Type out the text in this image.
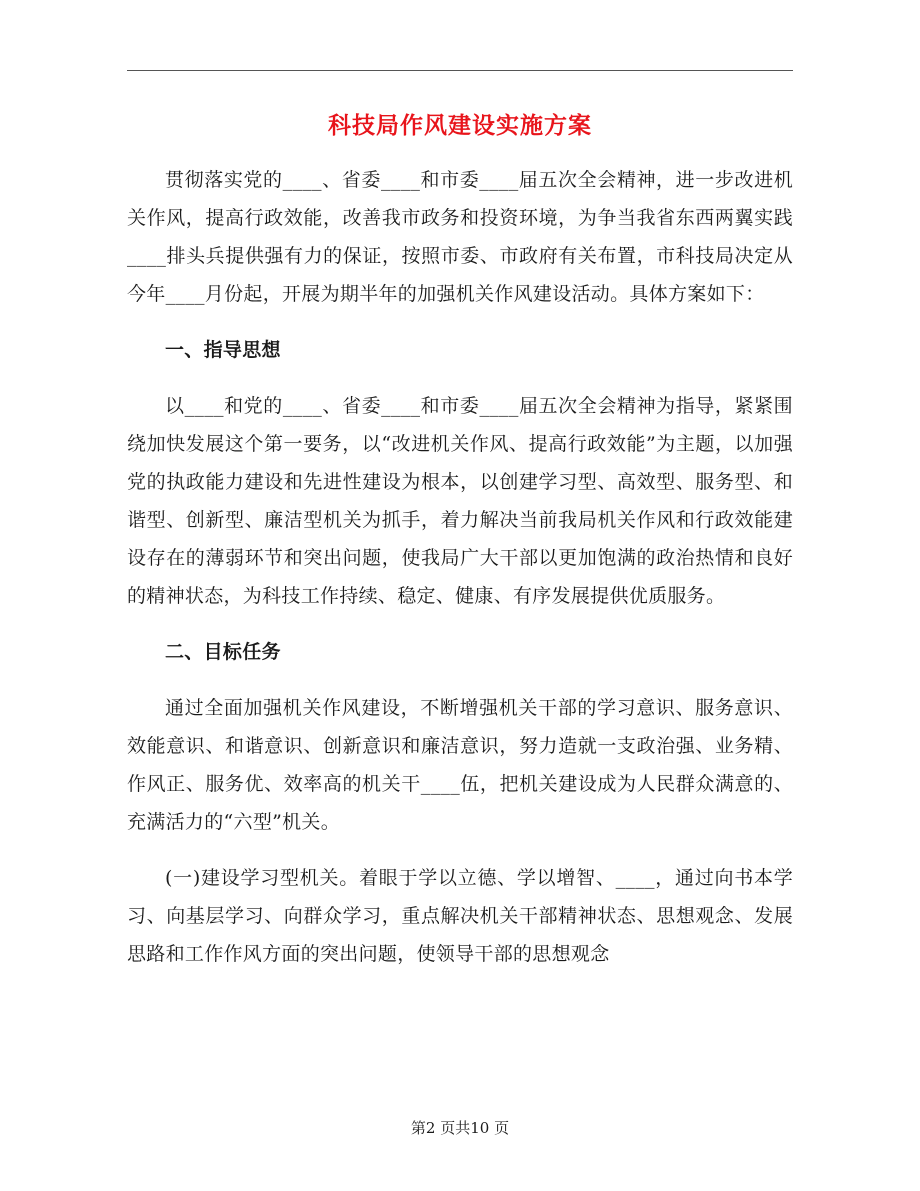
科技局作风建设实施方案

贯彻落实党的____、省委____和市委____届五次全会精神，进一步改进机关作风，提高行政效能，改善我市政务和投资环境，为争当我省东西两翼实践____排头兵提供强有力的保证，按照市委、市政府有关布置，市科技局决定从今年____月份起，开展为期半年的加强机关作风建设活动。具体方案如下：

一、指导思想

以____和党的____、省委____和市委____届五次全会精神为指导，紧紧围绕加快发展这个第一要务，以“改进机关作风、提高行政效能”为主题，以加强党的执政能力建设和先进性建设为根本，以创建学习型、高效型、服务型、和谐型、创新型、廉洁型机关为抓手，着力解决当前我局机关作风和行政效能建设存在的薄弱环节和突出问题，使我局广大干部以更加饱满的政治热情和良好的精神状态，为科技工作持续、稳定、健康、有序发展提供优质服务。

二、目标任务

通过全面加强机关作风建设，不断增强机关干部的学习意识、服务意识、效能意识、和谐意识、创新意识和廉洁意识，努力造就一支政治强、业务精、作风正、服务优、效率高的机关干____伍，把机关建设成为人民群众满意的、充满活力的“六型”机关。

(一)建设学习型机关。着眼于学以立德、学以增智、____，通过向书本学习、向基层学习、向群众学习，重点解决机关干部精神状态、思想观念、发展思路和工作作风方面的突出问题，使领导干部的思想观念

第2 页共10 页
